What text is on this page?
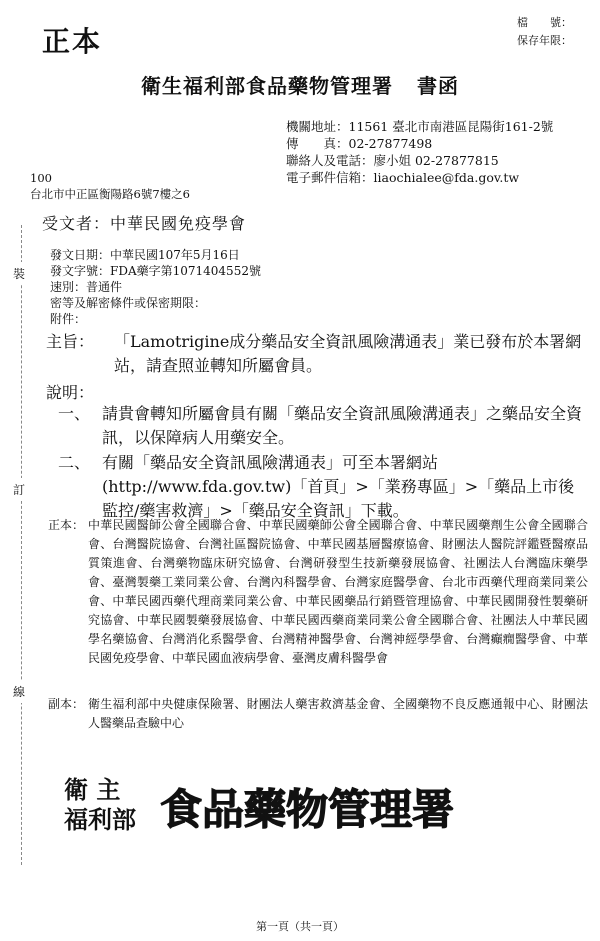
正本
檔　　號：
保存年限：
衛生福利部食品藥物管理署 書函
機關地址：11561 臺北市南港區昆陽街161-2號
傳　　真：02-27877498
聯絡人及電話：廖小姐 02-27877815
電子郵件信箱：liaochialee@fda.gov.tw
100
台北市中正區衡陽路6號7樓之6
受文者：中華民國免疫學會
發文日期：中華民國107年5月16日
發文字號：FDA藥字第1071404552號
速別：普通件
密等及解密條件或保密期限：
附件：
主旨： 「Lamotrigine成分藥品安全資訊風險溝通表」業已發布於本署網站，請查照並轉知所屬會員。
說明：
一、 請貴會轉知所屬會員有關「藥品安全資訊風險溝通表」之藥品安全資訊，以保障病人用藥安全。
二、 有關「藥品安全資訊風險溝通表」可至本署網站(http://www.fda.gov.tw)「首頁」>「業務專區」>「藥品上市後監控/藥害救濟」>「藥品安全資訊」下載。
正本： 中華民國醫師公會全國聯合會、中華民國藥師公會全國聯合會、中華民國藥劑生公會全國聯合會、台灣醫院協會、台灣社區醫院協會、中華民國基層醫療協會、財團法人醫院評鑑暨醫療品質策進會、台灣藥物臨床研究協會、台灣研發型生技新藥發展協會、社團法人台灣臨床藥學會、臺灣製藥工業同業公會、台灣內科醫學會、台灣家庭醫學會、台北市西藥代理商業同業公會、中華民國西藥代理商業同業公會、中華民國藥品行銷暨管理協會、中華民國開發性製藥研究協會、中華民國製藥發展協會、中華民國西藥商業同業公會全國聯合會、社團法人中華民國學名藥協會、台灣消化系醫學會、台灣精神醫學會、台灣神經學學會、台灣癲癇醫學會、中華民國免疫學會、中華民國血液病學會、臺灣皮膚科醫學會
副本： 衛生福利部中央健康保險署、財團法人藥害救濟基金會、全國藥物不良反應通報中心、財團法人醫藥品查驗中心
衛 主
福利部 食品藥物管理署
裝
訂
線
第一頁（共一頁）
